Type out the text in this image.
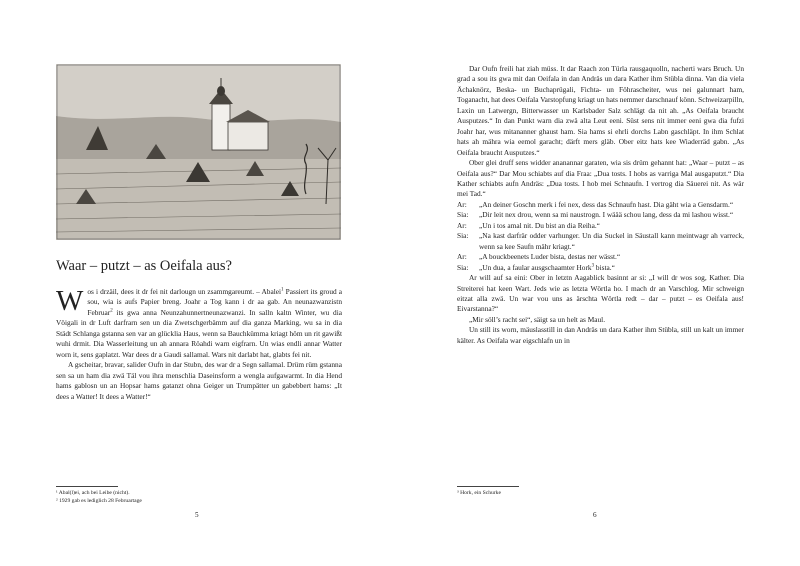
Waar – putzt – as Oeifala aus?

Wos i drzäil, dees it dr fei nit darlougn un zsammgareumt. – Abalei$^1$ Passiert its groud a sou, wia is aufs Papier breng. Joahr a Tog kann i dr aa gab. An neunazwanzistn Februar$^2$ its gwa anna Neunzahunnertneunazwanzi. In salln kaltn Winter, wu dia Vöigali in dr Luft darfrarn sen un dia Zwetschgerbämm auf dia ganza Marking, wu sa in dia Städt Schlanga gstanna sen var an glücklia Haus, wenn sa Bauchkümma kriagt höm un rit gawißt wuhi drmit. Dia Wasserleitung un ah annara Röahdi warn eigfrarn. Un wias endli annar Watter worn it, sens gaplatzt. War dees dr a Gaudi sallamal. Wars nit darlabt hat, glabts fei nit.

A gscheitar, bravar, salider Oufn in dar Stubn, des war dr a Segn sallamal. Drüm rüm gstanna sen sa un ham dia zwä Täl vou ihra menschlia Daseinsform a wengla aufgawarmt. In dia Hend hams gablosn un an Hopsar hams gatanzt ohna Geiger un Trumpätter un gabebbert hams: „It dees a Watter! It dees a Watter!“

¹ Abal(l)ei, ach bei Leibe (nicht).
² 1929 gab es lediglich 28 Februartage
5

Dar Oufn freili hat ziah müss. It dar Raach zon Türla rausgaquolln, nacherti wars Bruch. Un grad a sou its gwa mit dan Oeifala in dan Andräs un dara Kather ihm Stübla dinna. Van dia viela Ächaknörz, Beska- un Buchaprügali, Fichta- un Föhrascheiter, wus nei galunnart ham, Toganacht, hat dees Oeifala Varstopfung kriagt un hats nemmer darschnauf könn. Schweizarpilln, Laxin un Latwergn, Bitterwasser un Karlsbader Salz schlägt da nit ah. „As Oeifala braucht Ausputzes.“ In dan Punkt warn dia zwä alta Leut eeni. Süst sens nit immer eeni gwa dia fufzi Joahr har, wus mitananner ghaust ham. Sia hams si ehrli dorchs Labn gaschläpt. In ihm Schlat hats ah mähra wia eemol garacht; därft mers gläb. Ober eitz hats kee Wiaderräd gabn. „As Oeifala braucht Ausputzes.“

Ober glei druff sens widder ananannar garaten, wia sis drüm gehannt hat: „Waar – putzt – as Oeifala aus?“ Dar Mou schiabts auf dia Fraa: „Dua tosts. I hobs as varriga Mal ausgaputzt.“ Dia Kather schiabts aufn Andräs: „Dua tosts. I hob mei Schnaufn. I vertrog dia Säuerei nit. As wär mei Tad.“

Ar:	„An deiner Goschn merk i fei nex, dess das Schnaufn hast. Dia gäht wia a Gensdarm.“
Sia:	„Dir leit nex drou, wenn sa mi naustrogn. I wäää schou lang, dess da mi lashou wisst.“
Ar:	„Un i tos amal nit. Du bist an dia Reiha.“
Sia:	„Na kast darfrär odder varhunger. Un dia Suckel in Säustall kann meintwagr ah varreck, wenn sa kee Saufn mähr kriagt.“
Ar:	„A bouckbeenets Luder bista, destas ner wässt.“
Sia:	„Un dua, a faular ausgschaamter Hork$^3$ bista.“

Ar will auf sa eini: Ober in letztn Aagablick basinnt ar si: „I will dr wos sog, Kather. Dia Streiterei hat keen Wart. Jeds wie as letzta Wörtla ho. I mach dr an Varschlog. Mir schweign eitzat alla zwä. Un war vou uns as ärschta Wörtla redt – dar – putzt – es Oeifala aus! Eivarstanna?“

„Mir söll’s racht sei“, säigt sa un helt as Maul.

Un still its worn, mäuslasstill in dan Andräs un dara Kather ihm Stübla, still un kalt un immer kälter. As Oeifala war eigschlafn un in

³ Hork, ein Schurke
6
